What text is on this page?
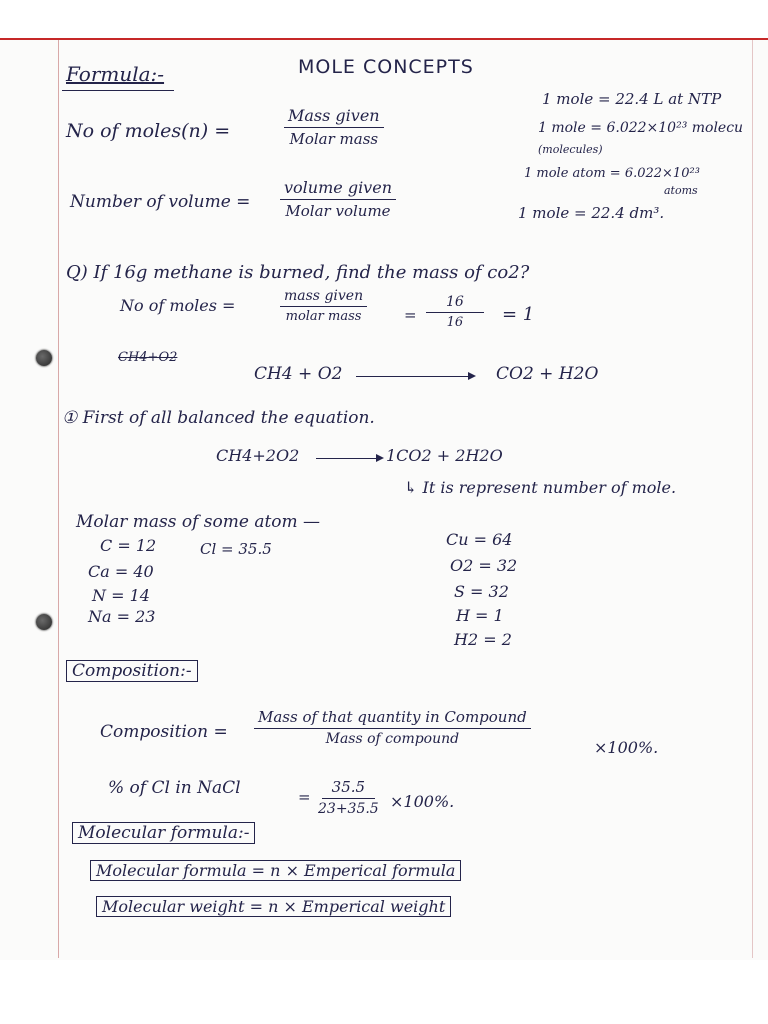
Formula:-	MOLE CONCEPTS
No of moles(n) =
Mass given
Molar mass
Number of volume =
volume given
Molar volume
1 mole = 22.4 L at NTP
1 mole = 6.022×10²³ molecu
(molecules)
1 mole atom = 6.022×10²³
atoms
1 mole = 22.4 dm³.
Q) If 16g methane is burned, find the mass of co2?
No of moles =	mass given
molar mass	= $\frac{16}{16} = 1$
CH4+O2
CH4 + O2	CO2 + H2O
① First of all balanced the equation.
CH4+2O2	1CO2 + 2H2O
↳ It is represent number of mole.
Molar mass of some atom —
C = 12	Cl = 35.5
Ca = 40
N = 14
Na = 23
Cu = 64
O2 = 32
S = 32
H = 1
H2 = 2
Composition:-
Composition =
Mass of that quantity in Compound
Mass of compound	×100%.
% of Cl in NaCl	= $\frac{35.5}{23+35.5} \times 100\%$.
Molecular formula:-
Molecular formula = n × Emperical formula
Molecular weight = n × Emperical weight
